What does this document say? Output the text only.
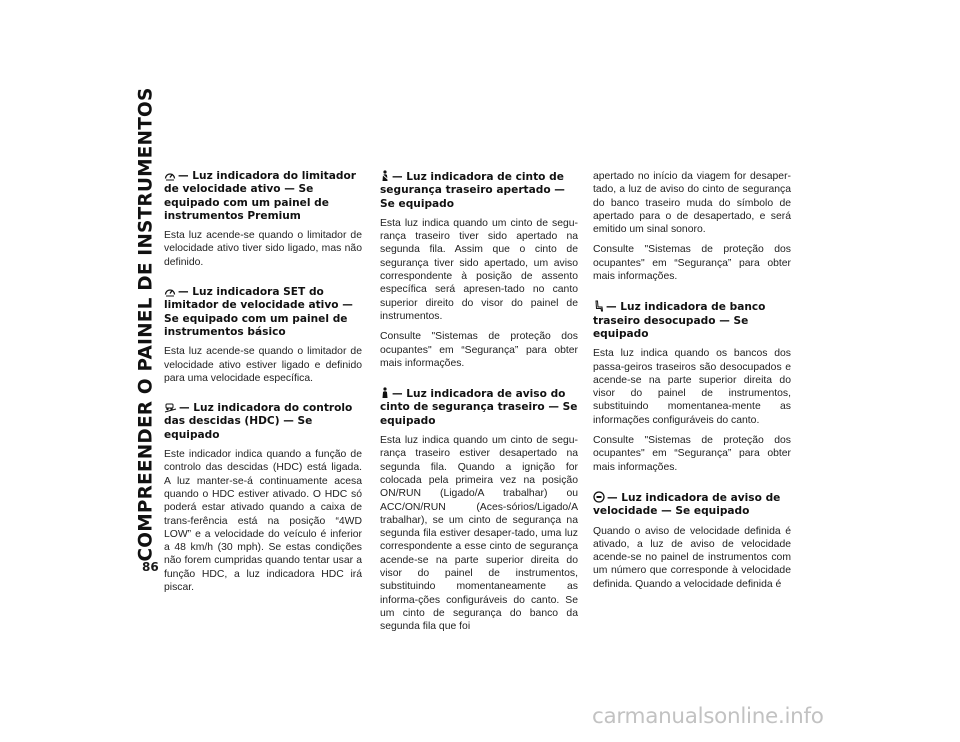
COMPREENDER O PAINEL DE INSTRUMENTOS
86
— Luz indicadora do limitador de velocidade ativo — Se equipado com um painel de instrumentos Premium

Esta luz acende-se quando o limitador de velocidade ativo tiver sido ligado, mas não definido.

— Luz indicadora SET do limitador de velocidade ativo — Se equipado com um painel de instrumentos básico

Esta luz acende-se quando o limitador de velocidade ativo estiver ligado e definido para uma velocidade específica.

— Luz indicadora do controlo das descidas (HDC) — Se equipado

Este indicador indica quando a função de controlo das descidas (HDC) está ligada. A luz manter-se-á continuamente acesa quando o HDC estiver ativado. O HDC só poderá estar ativado quando a caixa de trans-ferência está na posição “4WD LOW” e a velocidade do veículo é inferior a 48 km/h (30 mph). Se estas condições não forem cumpridas quando tentar usar a função HDC, a luz indicadora HDC irá piscar.

— Luz indicadora de cinto de segurança traseiro apertado — Se equipado

Esta luz indica quando um cinto de segu-rança traseiro tiver sido apertado na segunda fila. Assim que o cinto de segurança tiver sido apertado, um aviso correspondente à posição de assento específica será apresen-tado no canto superior direito do visor do painel de instrumentos.

Consulte "Sistemas de proteção dos ocupantes" em “Segurança” para obter mais informações.

— Luz indicadora de aviso do cinto de segurança traseiro — Se equipado

Esta luz indica quando um cinto de segu-rança traseiro estiver desapertado na segunda fila. Quando a ignição for colocada pela primeira vez na posição ON/RUN (Ligado/A trabalhar) ou ACC/ON/RUN (Aces-sórios/Ligado/A trabalhar), se um cinto de segurança na segunda fila estiver desaper-tado, uma luz correspondente a esse cinto de segurança acende-se na parte superior direita do visor do painel de instrumentos, substituindo momentaneamente as informa-ções configuráveis do canto. Se um cinto de segurança do banco da segunda fila que foi

apertado no início da viagem for desaper-tado, a luz de aviso do cinto de segurança do banco traseiro muda do símbolo de apertado para o de desapertado, e será emitido um sinal sonoro.

Consulte "Sistemas de proteção dos ocupantes" em “Segurança” para obter mais informações.

— Luz indicadora de banco traseiro desocupado — Se equipado

Esta luz indica quando os bancos dos passa-geiros traseiros são desocupados e acende-se na parte superior direita do visor do painel de instrumentos, substituindo momentanea-mente as informações configuráveis do canto.

Consulte "Sistemas de proteção dos ocupantes" em “Segurança” para obter mais informações.

— Luz indicadora de aviso de velocidade — Se equipado

Quando o aviso de velocidade definida é ativado, a luz de aviso de velocidade acende-se no painel de instrumentos com um número que corresponde à velocidade definida. Quando a velocidade definida é

carmanualsonline.info
